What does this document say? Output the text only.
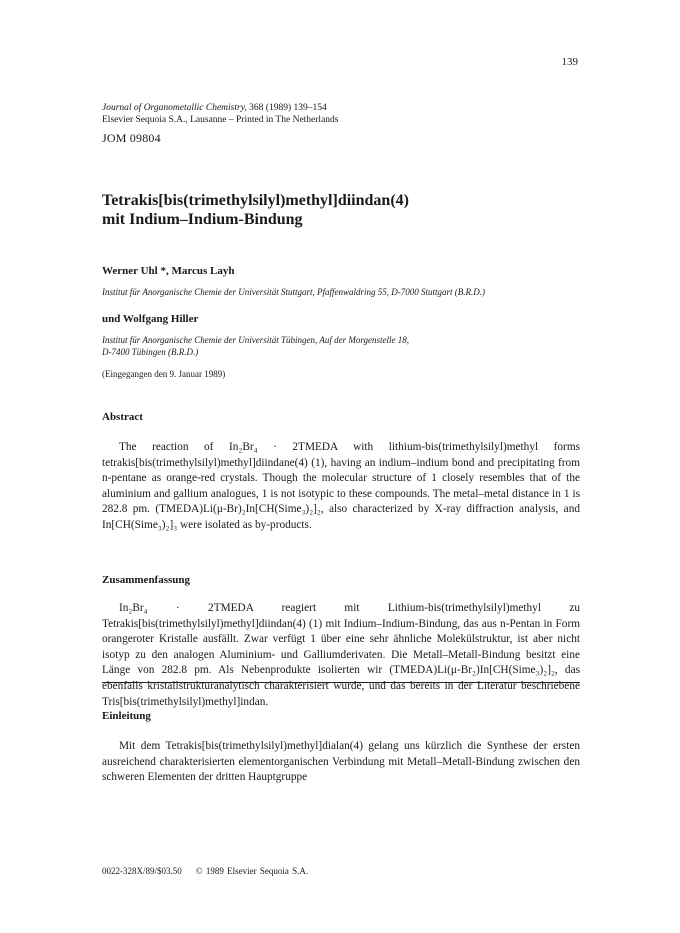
139
Journal of Organometallic Chemistry, 368 (1989) 139–154
Elsevier Sequoia S.A., Lausanne – Printed in The Netherlands
JOM 09804
Tetrakis[bis(trimethylsilyl)methyl]diindan(4)
mit Indium–Indium-Bindung
Werner Uhl *, Marcus Layh
Institut für Anorganische Chemie der Universität Stuttgart, Pfaffenwaldring 55, D-7000 Stuttgart (B.R.D.)
und Wolfgang Hiller
Institut für Anorganische Chemie der Universität Tübingen, Auf der Morgenstelle 18,
D-7400 Tübingen (B.R.D.)
(Eingegangen den 9. Januar 1989)
Abstract

The reaction of In₂Br₄ · 2TMEDA with lithium-bis(trimethylsilyl)methyl forms tetrakis[bis(trimethylsilyl)methyl]diindane(4) (1), having an indium–indium bond and precipitating from n-pentane as orange-red crystals. Though the molecular structure of 1 closely resembles that of the aluminium and gallium analogues, 1 is not isotypic to these compounds. The metal–metal distance in 1 is 282.8 pm. (TMEDA)Li(μ-Br)₂In[CH(Sime₃)₂]₂, also characterized by X-ray diffraction analysis, and In[CH(Sime₃)₂]₃ were isolated as by-products.

Zusammenfassung

In₂Br₄ · 2TMEDA reagiert mit Lithium-bis(trimethylsilyl)methyl zu Tetrakis[bis(trimethylsilyl)methyl]diindan(4) (1) mit Indium–Indium-Bindung, das aus n-Pentan in Form orangeroter Kristalle ausfällt. Zwar verfügt 1 über eine sehr ähnliche Molekülstruktur, ist aber nicht isotyp zu den analogen Aluminium- und Galliumderivaten. Die Metall–Metall-Bindung besitzt eine Länge von 282.8 pm. Als Nebenprodukte isolierten wir (TMEDA)Li(μ-Br₂)In[CH(Sime₃)₂]₂, das ebenfalls kristallstrukturanalytisch charakterisiert wurde, und das bereits in der Literatur beschriebene Tris[bis(trimethylsilyl)methyl]indan.

Einleitung

Mit dem Tetrakis[bis(trimethylsilyl)methyl]dialan(4) gelang uns kürzlich die Synthese der ersten ausreichend charakterisierten elementorganischen Verbindung mit Metall–Metall-Bindung zwischen den schweren Elementen der dritten Hauptgruppe

0022-328X/89/$03.50 © 1989 Elsevier Sequoia S.A.
